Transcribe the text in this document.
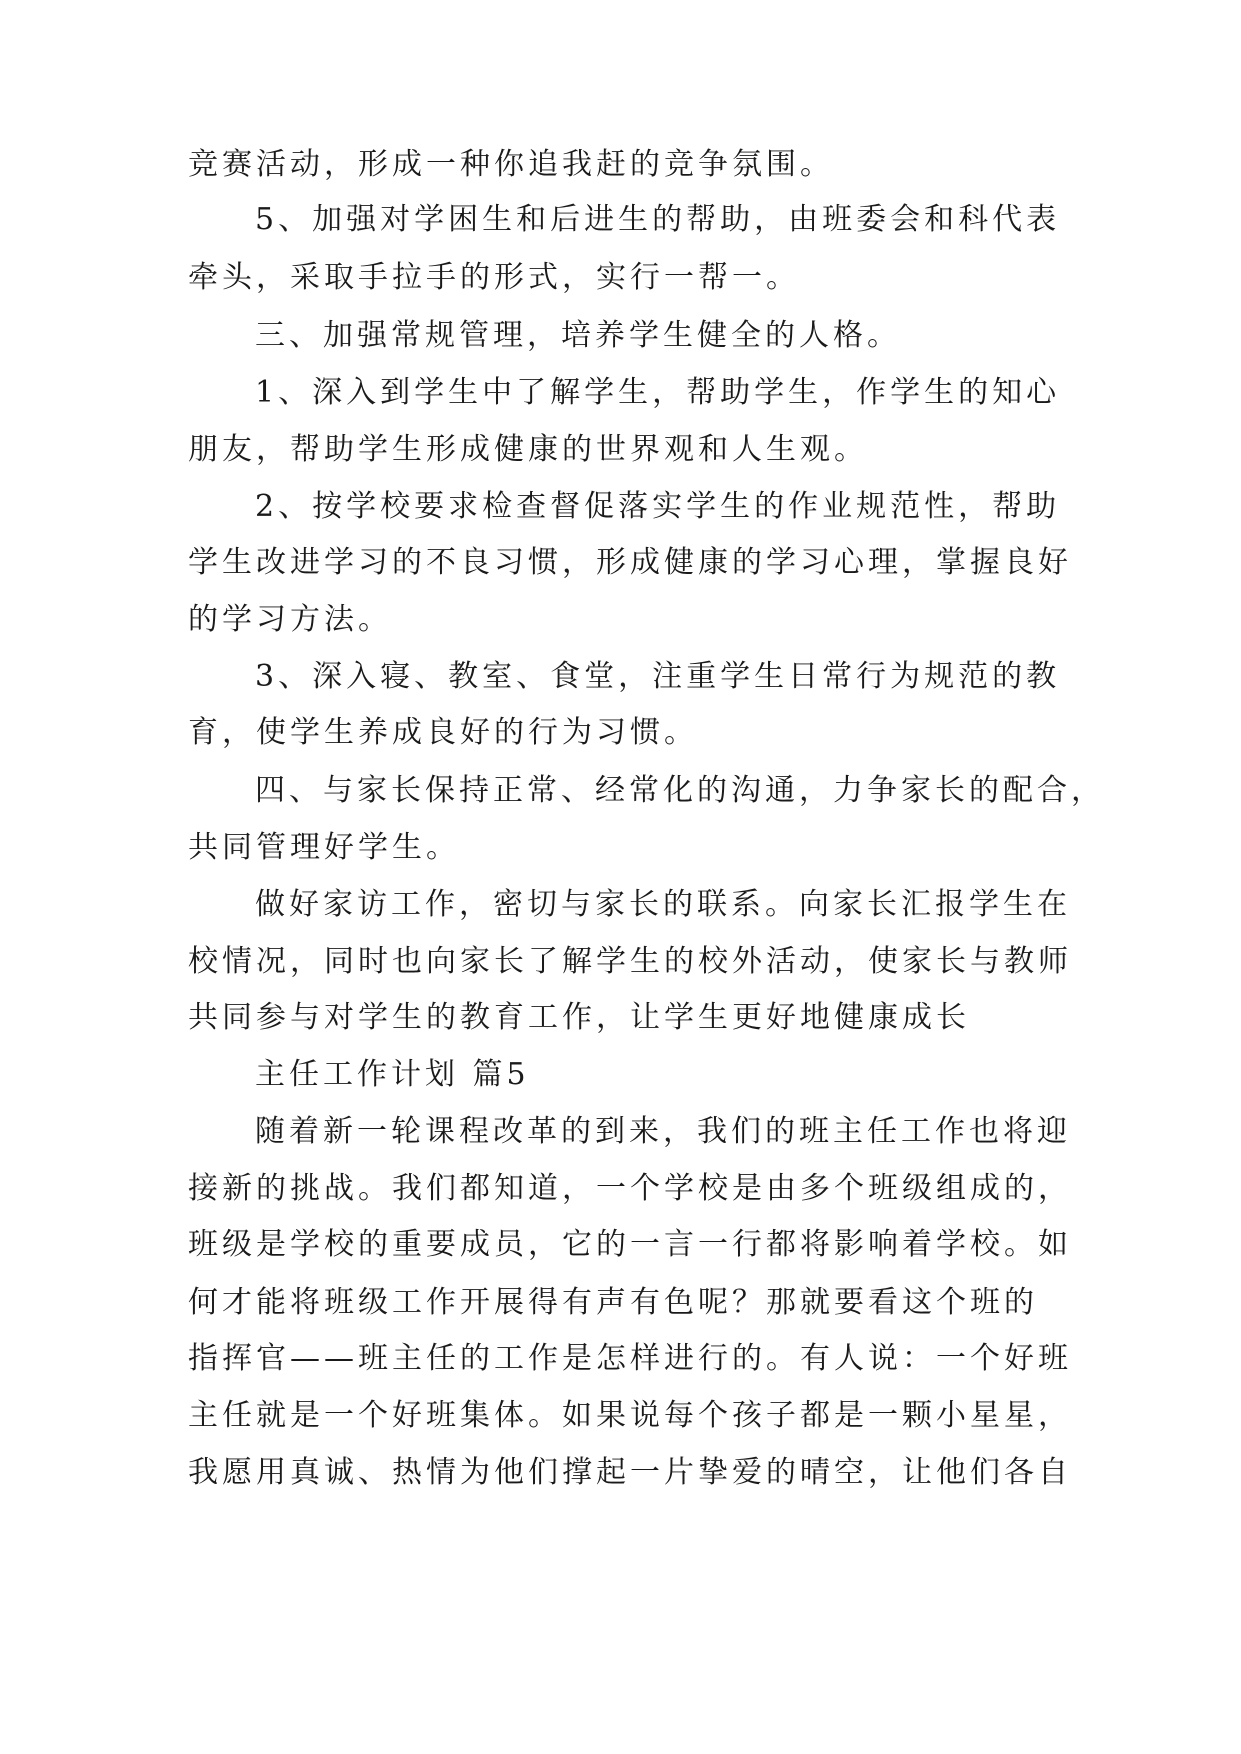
竞赛活动，形成一种你追我赶的竞争氛围。
5、加强对学困生和后进生的帮助，由班委会和科代表
牵头，采取手拉手的形式，实行一帮一。
三、加强常规管理，培养学生健全的人格。
1、深入到学生中了解学生，帮助学生，作学生的知心
朋友，帮助学生形成健康的世界观和人生观。
2、按学校要求检查督促落实学生的作业规范性，帮助
学生改进学习的不良习惯，形成健康的学习心理，掌握良好
的学习方法。
3、深入寝、教室、食堂，注重学生日常行为规范的教
育，使学生养成良好的行为习惯。
四、与家长保持正常、经常化的沟通，力争家长的配合，
共同管理好学生。
做好家访工作，密切与家长的联系。向家长汇报学生在
校情况，同时也向家长了解学生的校外活动，使家长与教师
共同参与对学生的教育工作，让学生更好地健康成长
主任工作计划 篇5
随着新一轮课程改革的到来，我们的班主任工作也将迎
接新的挑战。我们都知道，一个学校是由多个班级组成的，
班级是学校的重要成员，它的一言一行都将影响着学校。如
何才能将班级工作开展得有声有色呢？那就要看这个班的
指挥官——班主任的工作是怎样进行的。有人说：一个好班
主任就是一个好班集体。如果说每个孩子都是一颗小星星，
我愿用真诚、热情为他们撑起一片挚爱的晴空，让他们各自
